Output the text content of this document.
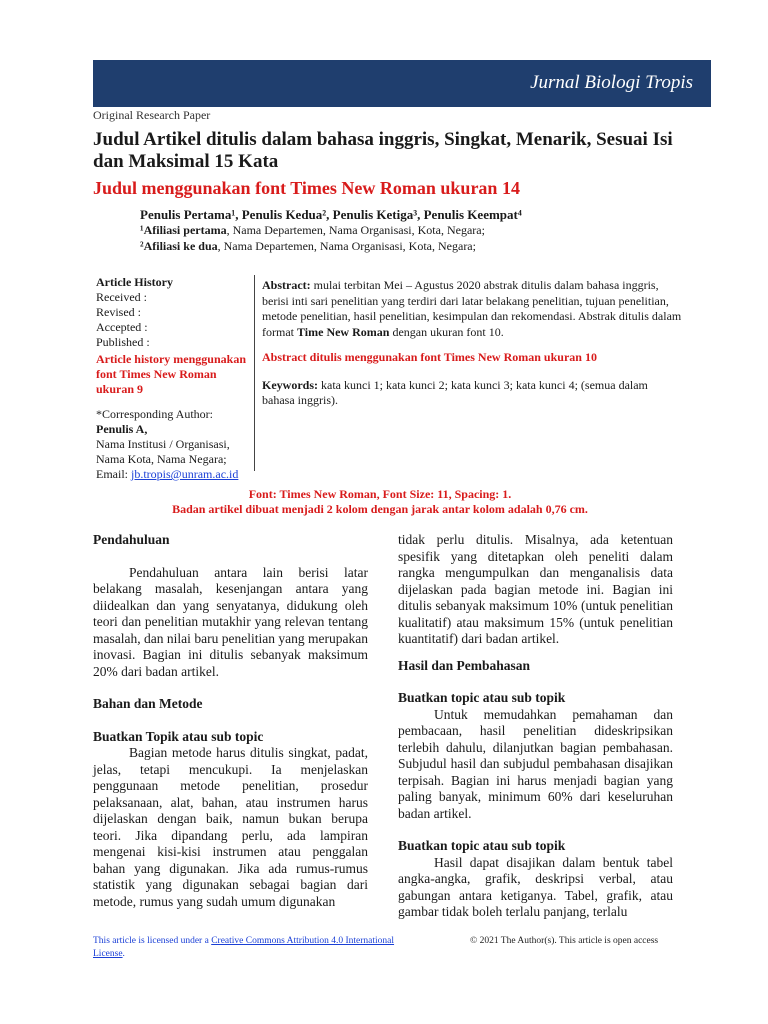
Jurnal Biologi Tropis
Original Research Paper
Judul Artikel ditulis dalam bahasa inggris, Singkat, Menarik, Sesuai Isi dan Maksimal 15 Kata
Judul menggunakan font Times New Roman ukuran 14
Penulis Pertama¹, Penulis Kedua², Penulis Ketiga³, Penulis Keempat⁴
¹Afiliasi pertama, Nama Departemen, Nama Organisasi, Kota, Negara;
²Afiliasi ke dua, Nama Departemen, Nama Organisasi, Kota, Negara;
Article History
Received :
Revised :
Accepted :
Published :
Article history menggunakan font Times New Roman ukuran 9
*Corresponding Author:
Penulis A,
Nama Institusi / Organisasi,
Nama Kota, Nama Negara;
Email: jb.tropis@unram.ac.id
Abstract: mulai terbitan Mei – Agustus 2020 abstrak ditulis dalam bahasa inggris, berisi inti sari penelitian yang terdiri dari latar belakang penelitian, tujuan penelitian, metode penelitian, hasil penelitian, kesimpulan dan rekomendasi. Abstrak ditulis dalam format Time New Roman dengan ukuran font 10.
Abstract ditulis menggunakan font Times New Roman ukuran 10
Keywords: kata kunci 1; kata kunci 2; kata kunci 3; kata kunci 4; (semua dalam bahasa inggris).
Font: Times New Roman, Font Size: 11, Spacing: 1.
Badan artikel dibuat menjadi 2 kolom dengan jarak antar kolom adalah 0,76 cm.
Pendahuluan

Pendahuluan antara lain berisi latar belakang masalah, kesenjangan antara yang diidealkan dan yang senyatanya, didukung oleh teori dan penelitian mutakhir yang relevan tentang masalah, dan nilai baru penelitian yang merupakan inovasi. Bagian ini ditulis sebanyak maksimum 20% dari badan artikel.

Bahan dan Metode
Buatkan Topik atau sub topic

Bagian metode harus ditulis singkat, padat, jelas, tetapi mencukupi. Ia menjelaskan penggunaan metode penelitian, prosedur pelaksanaan, alat, bahan, atau instrumen harus dijelaskan dengan baik, namun bukan berupa teori. Jika dipandang perlu, ada lampiran mengenai kisi-kisi instrumen atau penggalan bahan yang digunakan. Jika ada rumus-rumus statistik yang digunakan sebagai bagian dari metode, rumus yang sudah umum digunakan

tidak perlu ditulis. Misalnya, ada ketentuan spesifik yang ditetapkan oleh peneliti dalam rangka mengumpulkan dan menganalisis data dijelaskan pada bagian metode ini. Bagian ini ditulis sebanyak maksimum 10% (untuk penelitian kualitatif) atau maksimum 15% (untuk penelitian kuantitatif) dari badan artikel.

Hasil dan Pembahasan
Buatkan topic atau sub topik

Untuk memudahkan pemahaman dan pembacaan, hasil penelitian dideskripsikan terlebih dahulu, dilanjutkan bagian pembahasan. Subjudul hasil dan subjudul pembahasan disajikan terpisah. Bagian ini harus menjadi bagian yang paling banyak, minimum 60% dari keseluruhan badan artikel.

Buatkan topic atau sub topik

Hasil dapat disajikan dalam bentuk tabel angka-angka, grafik, deskripsi verbal, atau gabungan antara ketiganya. Tabel, grafik, atau gambar tidak boleh terlalu panjang, terlalu

This article is licensed under a Creative Commons Attribution 4.0 International License.
© 2021 The Author(s). This article is open access
